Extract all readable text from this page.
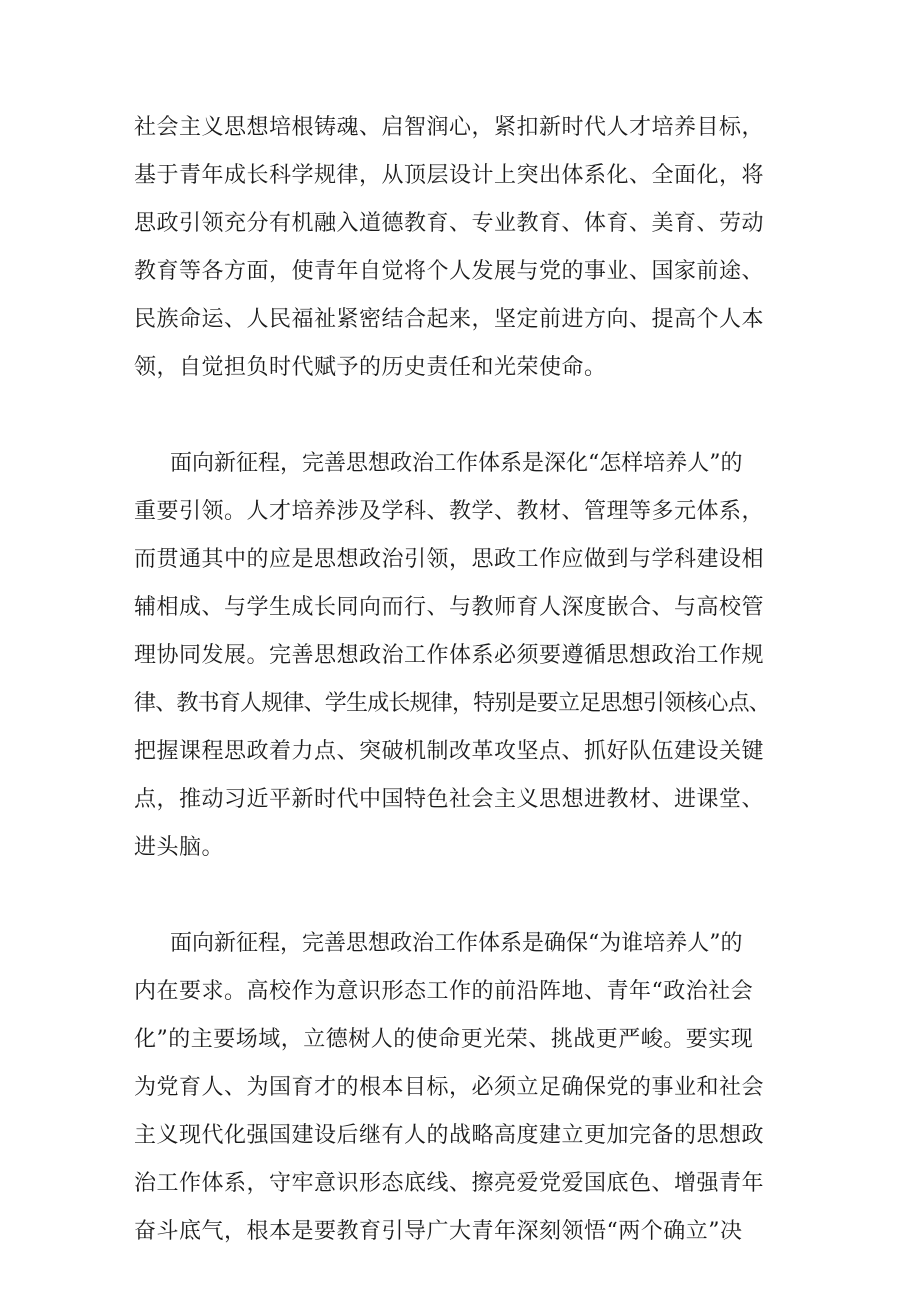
社会主义思想培根铸魂、启智润心，紧扣新时代人才培养目标，
基于青年成长科学规律，从顶层设计上突出体系化、全面化，将
思政引领充分有机融入道德教育、专业教育、体育、美育、劳动
教育等各方面，使青年自觉将个人发展与党的事业、国家前途、
民族命运、人民福祉紧密结合起来，坚定前进方向、提高个人本
领，自觉担负时代赋予的历史责任和光荣使命。
面向新征程，完善思想政治工作体系是深化“怎样培养人”的
重要引领。人才培养涉及学科、教学、教材、管理等多元体系，
而贯通其中的应是思想政治引领，思政工作应做到与学科建设相
辅相成、与学生成长同向而行、与教师育人深度嵌合、与高校管
理协同发展。完善思想政治工作体系必须要遵循思想政治工作规
律、教书育人规律、学生成长规律，特别是要立足思想引领核心点、
把握课程思政着力点、突破机制改革攻坚点、抓好队伍建设关键
点，推动习近平新时代中国特色社会主义思想进教材、进课堂、
进头脑。
面向新征程，完善思想政治工作体系是确保“为谁培养人”的
内在要求。高校作为意识形态工作的前沿阵地、青年“政治社会
化”的主要场域，立德树人的使命更光荣、挑战更严峻。要实现
为党育人、为国育才的根本目标，必须立足确保党的事业和社会
主义现代化强国建设后继有人的战略高度建立更加完备的思想政
治工作体系，守牢意识形态底线、擦亮爱党爱国底色、增强青年
奋斗底气，根本是要教育引导广大青年深刻领悟“两个确立”决
